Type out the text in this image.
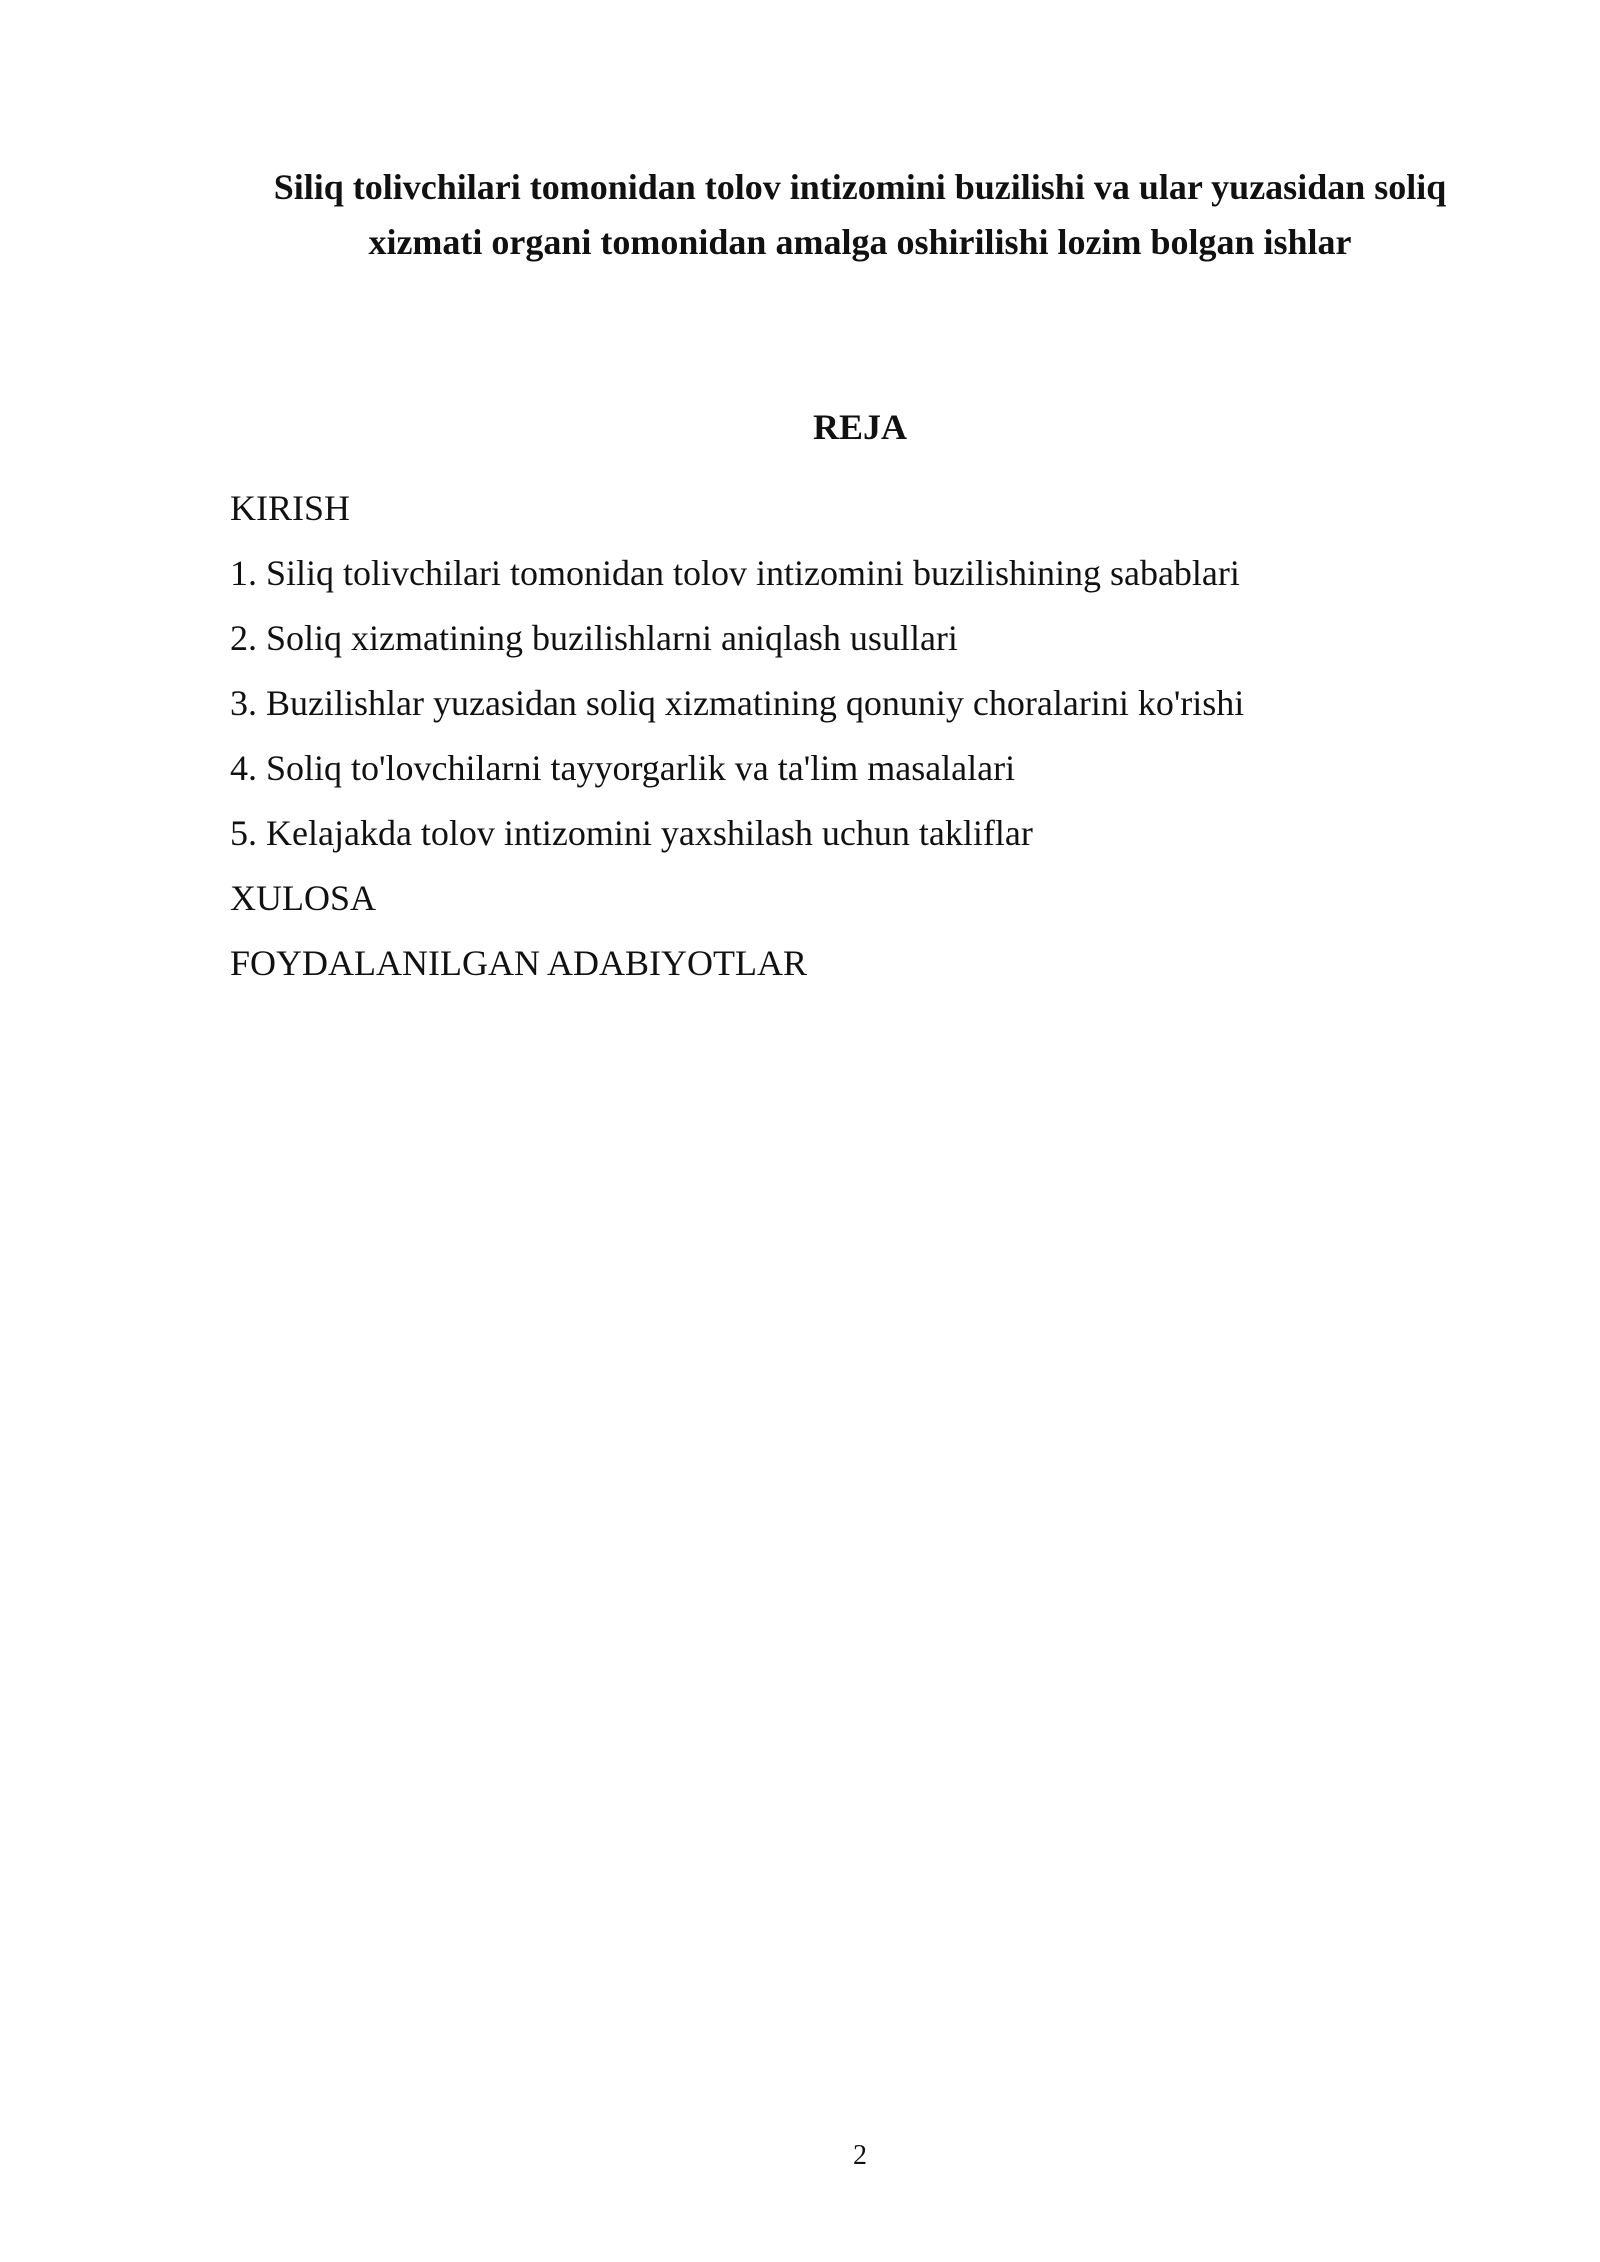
Siliq tolivchilari tomonidan tolov intizomini buzilishi va ular yuzasidan soliq
xizmati organi tomonidan amalga oshirilishi lozim bolgan ishlar
REJA
KIRISH
1. Siliq tolivchilari tomonidan tolov intizomini buzilishining sabablari
2. Soliq xizmatining buzilishlarni aniqlash usullari
3. Buzilishlar yuzasidan soliq xizmatining qonuniy choralarini ko'rishi
4. Soliq to'lovchilarni tayyorgarlik va ta'lim masalalari
5. Kelajakda tolov intizomini yaxshilash uchun takliflar
XULOSA
FOYDALANILGAN ADABIYOTLAR
2
